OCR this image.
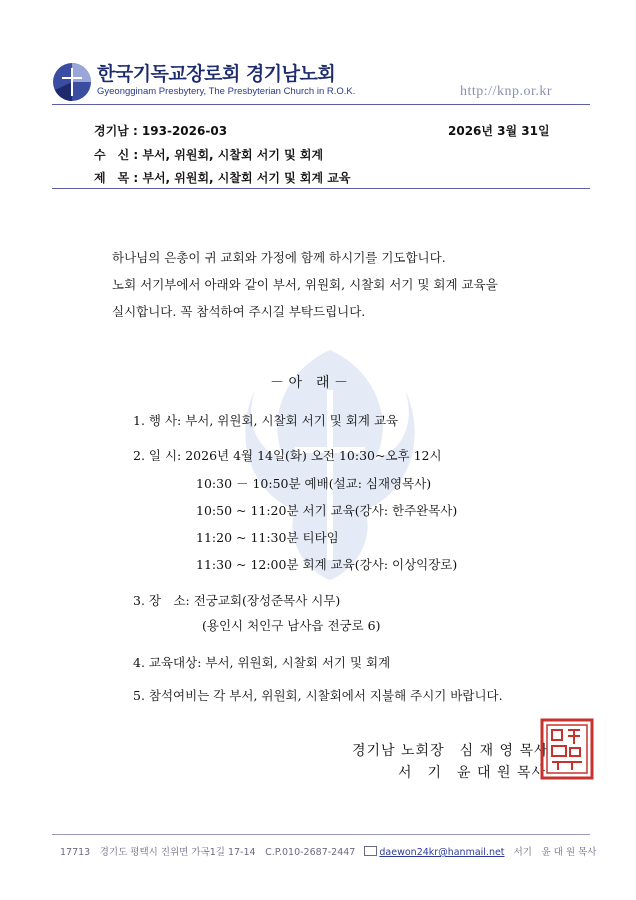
한국기독교장로회 경기남노회
Gyeonggi​nam Presbytery, The Presbyterian Church in R.O.K.	http://knp.or.kr
경기남 : 193-2026-03	2026년 3월 31일
수　신 : 부서, 위원회, 시찰회 서기 및 회계
제　목 : 부서, 위원회, 시찰회 서기 및 회계 교육
하나님의 은총이 귀 교회와 가정에 함께 하시기를 기도합니다.
노회 서기부에서 아래와 같이 부서, 위원회, 시찰회 서기 및 회계 교육을
실시합니다. 꼭 참석하여 주시길 부탁드립니다.
－ 아　래 －
1. 행 사: 부서, 위원회, 시찰회 서기 및 회계 교육
2. 일 시: 2026년 4월 14일(화) 오전 10:30~오후 12시
10:30 － 10:50분 예배(설교: 심재영목사)
10:50 ~ 11:20분 서기 교육(강사: 한주완목사)
11:20 ~ 11:30분 티타임
11:30 ~ 12:00분 회계 교육(강사: 이상익장로)
3. 장　소: 전궁교회(장성준목사 시무)
(용인시 처인구 남사읍 전궁로 6)
4. 교육대상: 부서, 위원회, 시찰회 서기 및 회계
5. 참석여비는 각 부서, 위원회, 시찰회에서 지불해 주시기 바랍니다.
경기남 노회장　심 재 영 목사
서　기　윤 대 원 목사
17713　경기도 평택시 진위면 가곡1길 17-14　C.P.010-2687-2447	daewon24kr@hanmail.net 서기　윤 대 원 목사
